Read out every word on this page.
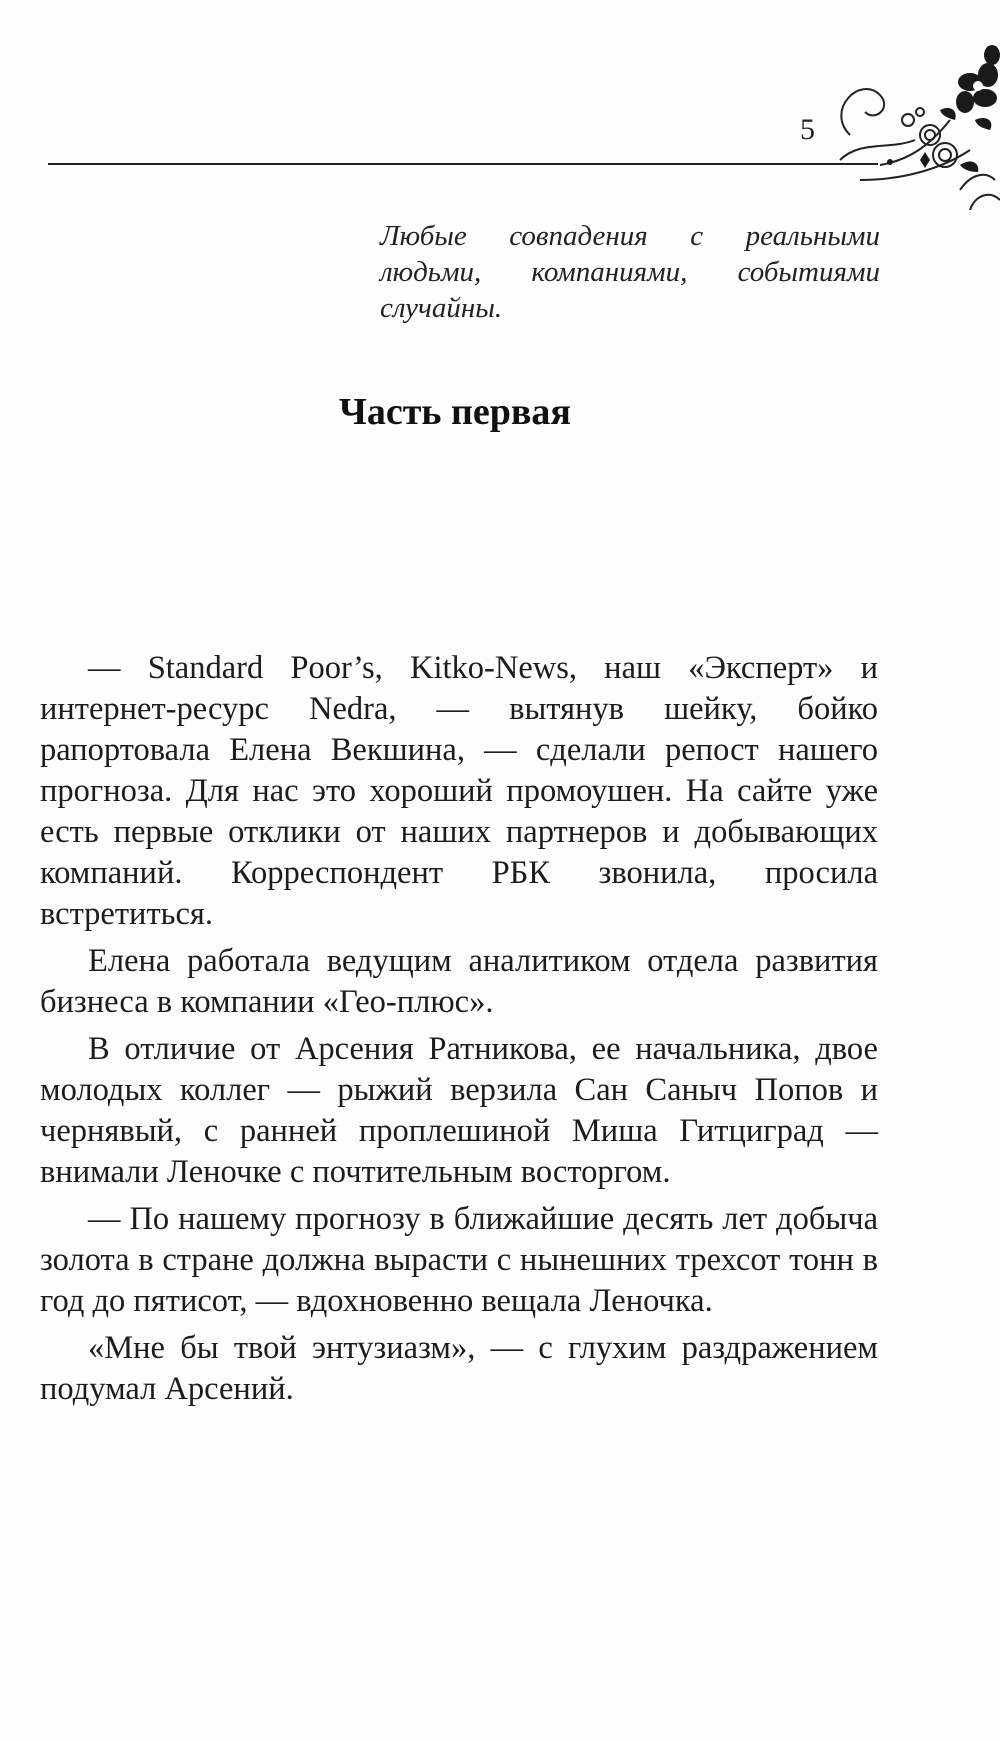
5
Любые совпадения с реальными людьми, компаниями, событиями случайны.
Часть первая

— Standard Poor’s, Kitko-News, наш «Эксперт» и интернет-ресурс Nedra, — вытянув шейку, бойко рапортовала Елена Векшина, — сделали репост нашего прогноза. Для нас это хороший промоушен. На сайте уже есть первые отклики от наших партнеров и добывающих компаний. Корреспондент РБК звонила, просила встретиться.

Елена работала ведущим аналитиком отдела развития бизнеса в компании «Гео-плюс».

В отличие от Арсения Ратникова, ее начальника, двое молодых коллег — рыжий верзила Сан Саныч Попов и чернявый, с ранней проплешиной Миша Гитциград — внимали Леночке с почтительным восторгом.

— По нашему прогнозу в ближайшие десять лет добыча золота в стране должна вырасти с нынешних трехсот тонн в год до пятисот, — вдохновенно вещала Леночка.

«Мне бы твой энтузиазм», — с глухим раздражением подумал Арсений.
